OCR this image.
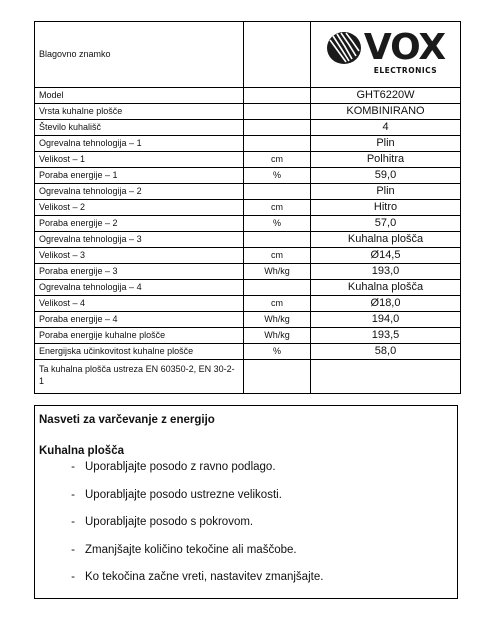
Blagovno znamko		VOX
ELECTRONICS

Model		GHT6220W
Vrsta kuhalne plošče		KOMBINIRANO
Število kuhališč		4
Ogrevalna tehnologija – 1		Plin
Velikost – 1	cm	Polhitra
Poraba energije – 1	%	59,0
Ogrevalna tehnologija – 2		Plin
Velikost – 2	cm	Hitro
Poraba energije – 2	%	57,0
Ogrevalna tehnologija – 3		Kuhalna plošča
Velikost – 3	cm	Ø14,5
Poraba energije – 3	Wh/kg	193,0
Ogrevalna tehnologija – 4		Kuhalna plošča
Velikost – 4	cm	Ø18,0
Poraba energije – 4	Wh/kg	194,0
Poraba energije kuhalne plošče	Wh/kg	193,5
Energijska učinkovitost kuhalne plošče	%	58,0
Ta kuhalna plošča ustreza EN 60350-2, EN 30-2-1		
Nasveti za varčevanje z energijo
Kuhalna plošča
- Uporabljajte posodo z ravno podlago.
- Uporabljajte posodo ustrezne velikosti.
- Uporabljajte posodo s pokrovom.
- Zmanjšajte količino tekočine ali maščobe.
- Ko tekočina začne vreti, nastavitev zmanjšajte.
